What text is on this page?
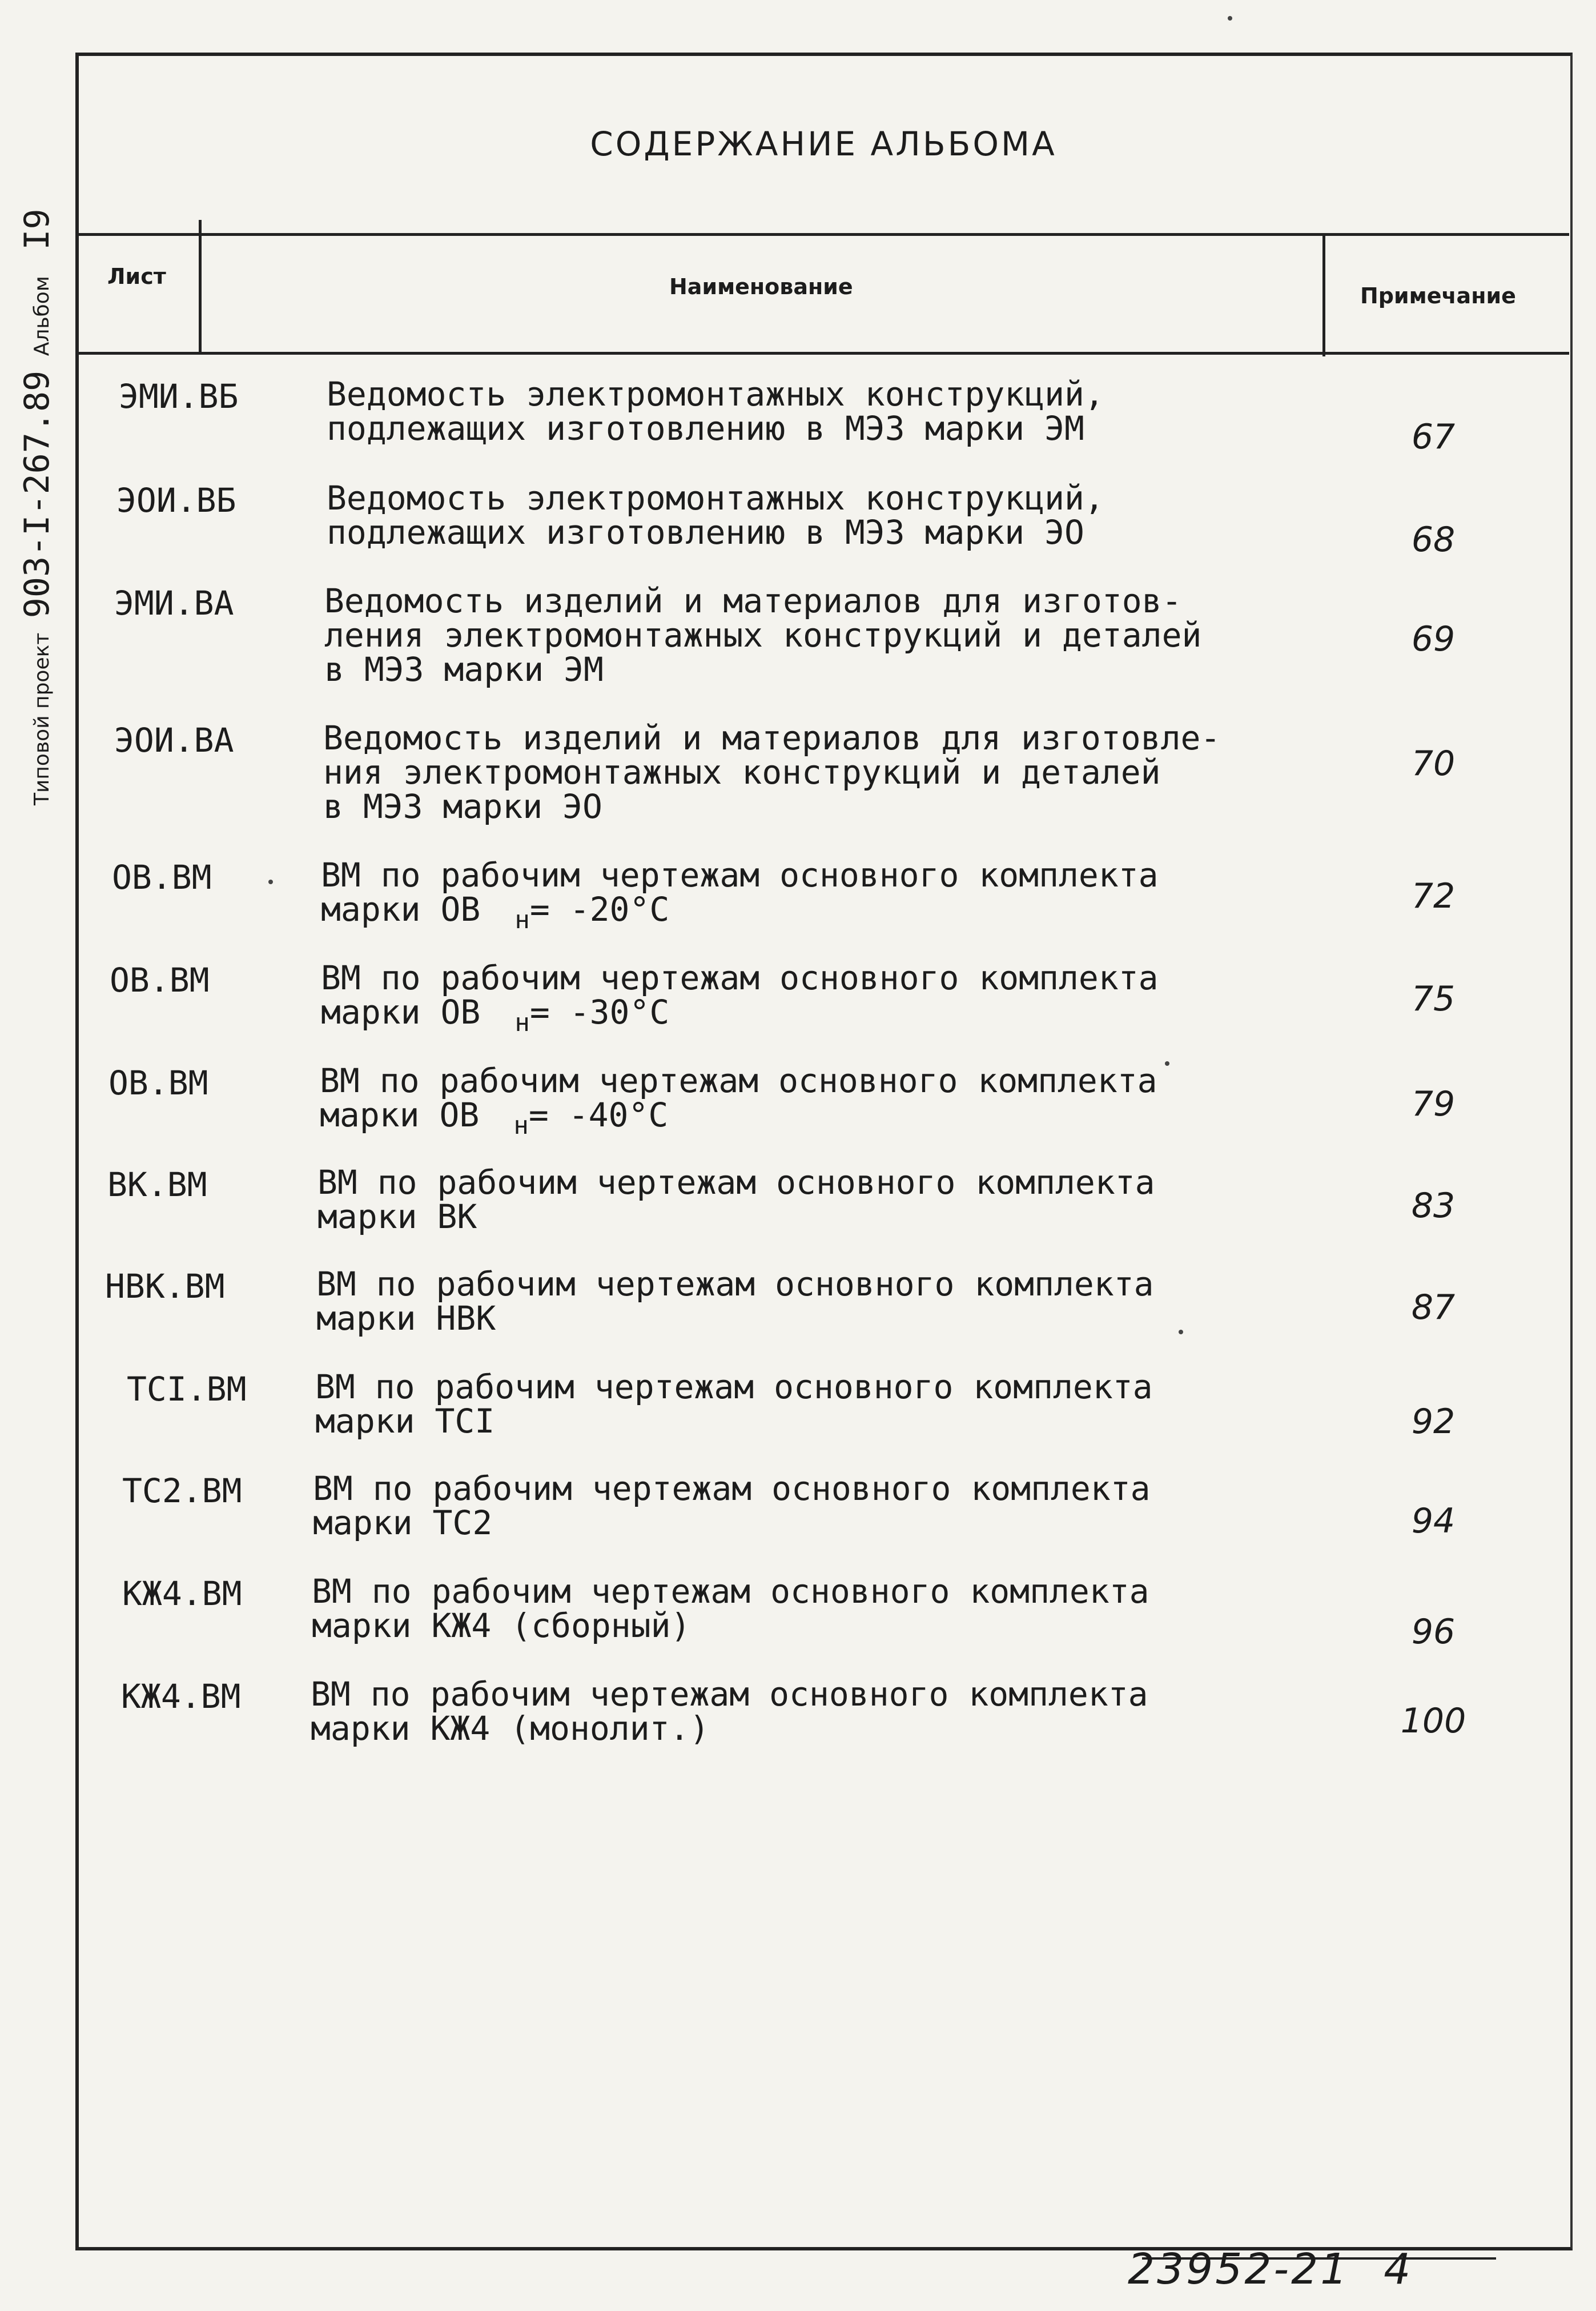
СОДЕРЖАНИЕ АЛЬБОМА
Лист	Наименование	Примечание
Типовой проект 903-I-267.89 Альбом I9
ЭМИ.ВБ	Ведомость электромонтажных конструкций,
подлежащих изготовлению в МЭЗ марки ЭМ	67
ЭОИ.ВБ	Ведомость электромонтажных конструкций,
подлежащих изготовлению в МЭЗ марки ЭО	68
ЭМИ.ВА	Ведомость изделий и материалов для изготов-
ления электромонтажных конструкций и деталей
в МЭЗ марки ЭМ
69
ЭОИ.ВА	Ведомость изделий и материалов для изготовле-
ния электромонтажных конструкций и деталей
в МЭЗ марки ЭО
70
ОВ.ВМ	ВМ по рабочим чертежам основного комплекта
марки ОВ $_н$= -20°С	72
ОВ.ВМ	ВМ по рабочим чертежам основного комплекта
марки ОВ $_н$= -30°С	75
ОВ.ВМ	ВМ по рабочим чертежам основного комплекта
марки ОВ $_н$= -40°С	79
ВК.ВМ	ВМ по рабочим чертежам основного комплекта
марки ВК	83
НВК.ВМ	ВМ по рабочим чертежам основного комплекта
марки НВК	87
ТСI.ВМ ВМ по рабочим чертежам основного комплекта
марки ТСI	92
ТС2.ВМ ВМ по рабочим чертежам основного комплекта
марки ТС2	94
КЖ4.ВМ ВМ по рабочим чертежам основного комплекта
марки КЖ4 (сборный)	96
КЖ4.ВМ ВМ по рабочим чертежам основного комплекта
марки КЖ4 (монолит.)	100
23952-21 4
